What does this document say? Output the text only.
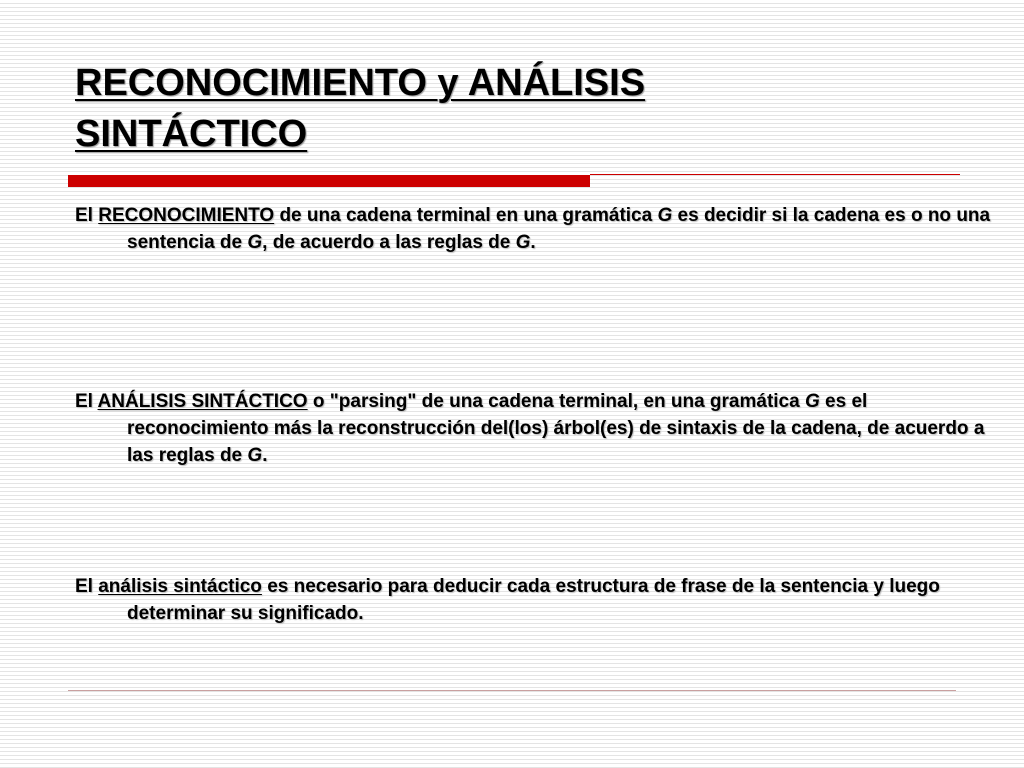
RECONOCIMIENTO y ANÁLISIS
SINTÁCTICO

El RECONOCIMIENTO de una cadena terminal en una gramática G es decidir si la cadena es o no una sentencia de G, de acuerdo a las reglas de G.

El ANÁLISIS SINTÁCTICO o "parsing" de una cadena terminal, en una gramática G es el reconocimiento más la reconstrucción del(los) árbol(es) de sintaxis de la cadena, de acuerdo a las reglas de G.

El análisis sintáctico es necesario para deducir cada estructura de frase de la sentencia y luego determinar su significado.
